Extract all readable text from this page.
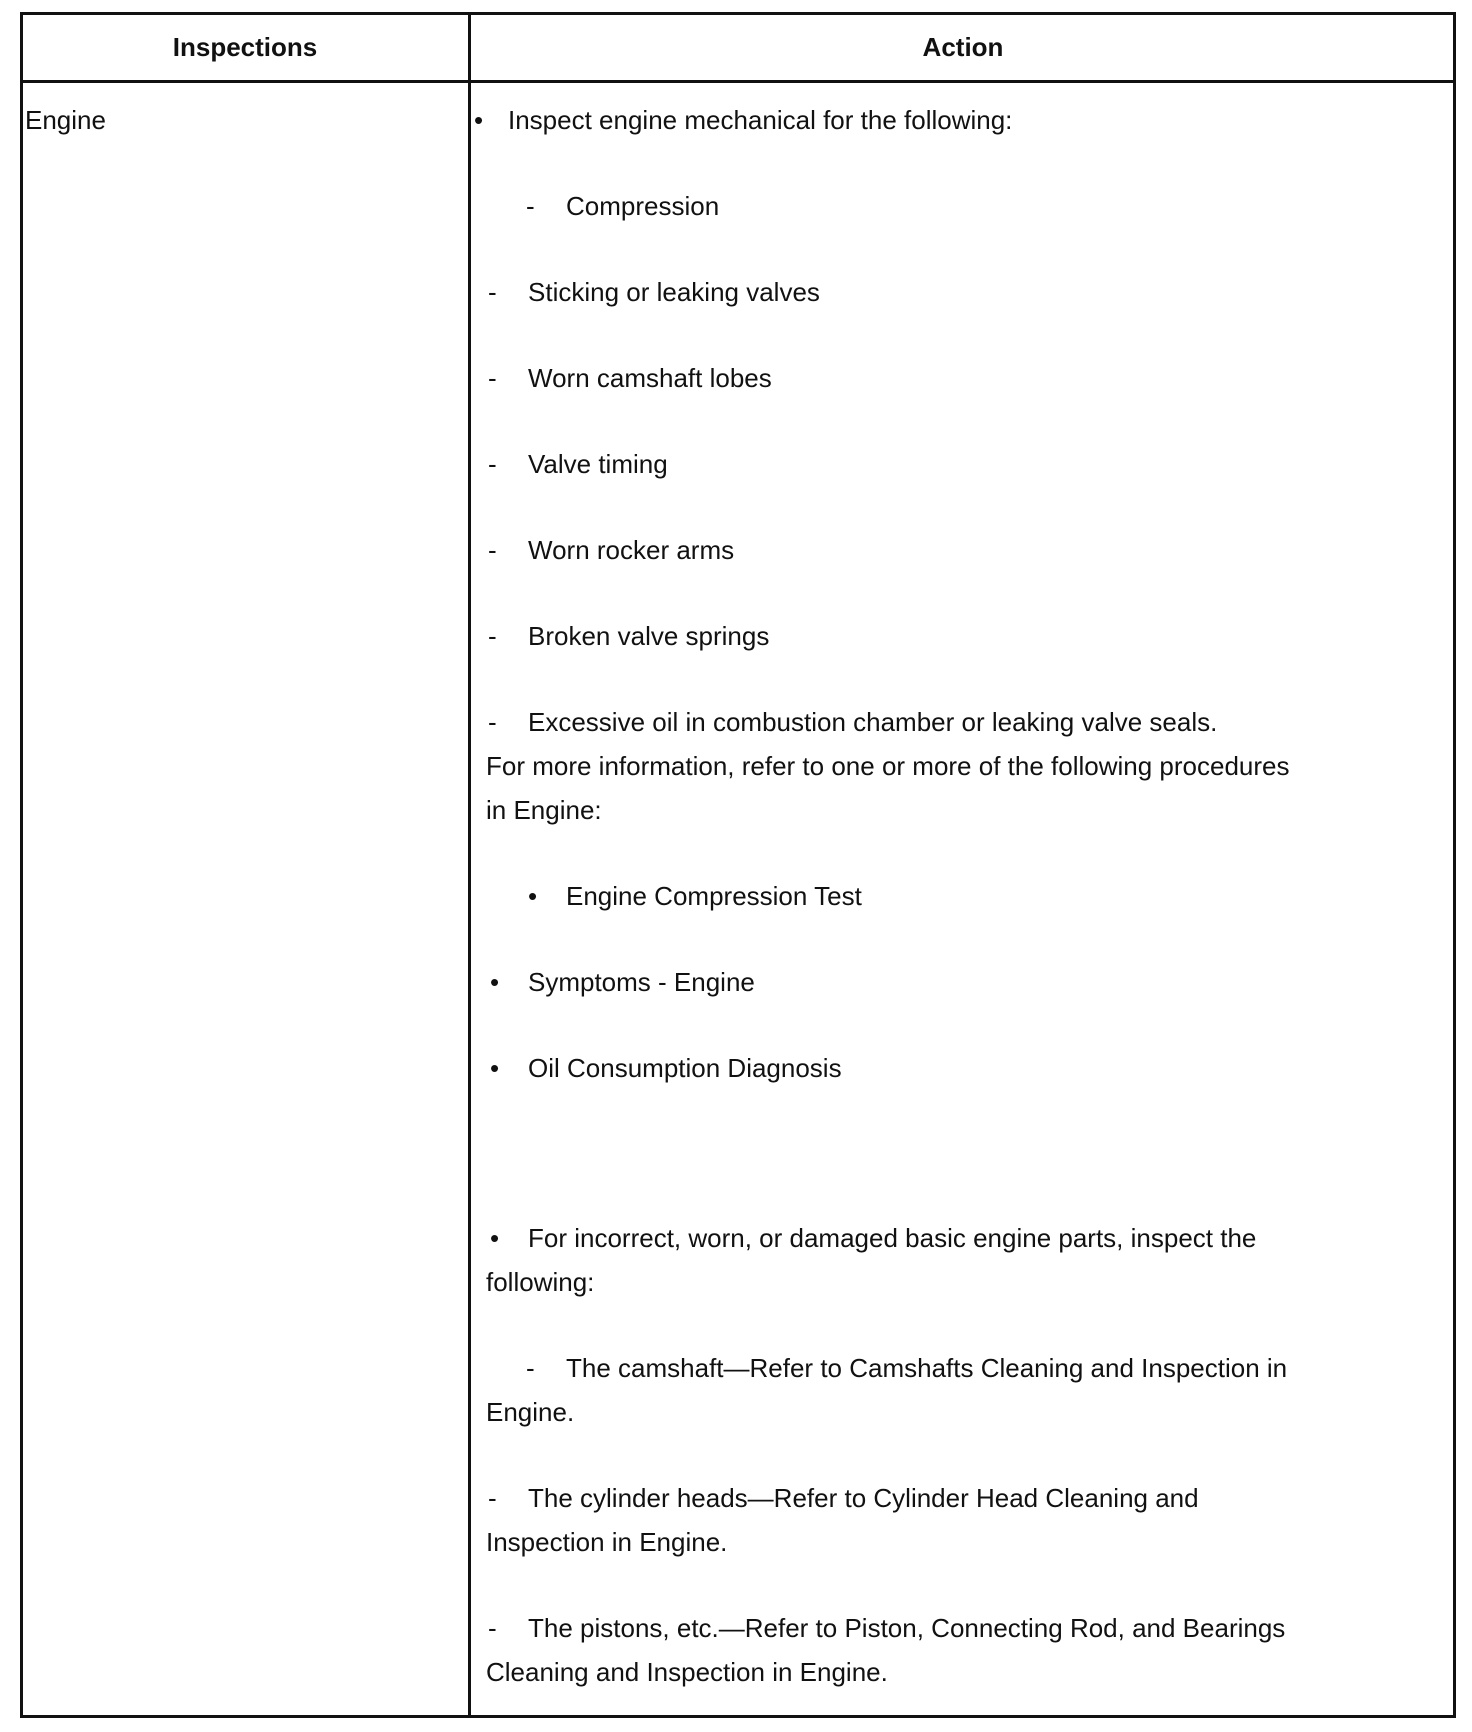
Inspections	Action
Engine	• Inspect engine mechanical for the following:
- Compression
- Sticking or leaking valves
- Worn camshaft lobes
- Valve timing
- Worn rocker arms
- Broken valve springs
- Excessive oil in combustion chamber or leaking valve seals.
For more information, refer to one or more of the following procedures
in Engine:
• Engine Compression Test
• Symptoms - Engine
• Oil Consumption Diagnosis
• For incorrect, worn, or damaged basic engine parts, inspect the
following:
- The camshaft—Refer to Camshafts Cleaning and Inspection in
Engine.
- The cylinder heads—Refer to Cylinder Head Cleaning and
Inspection in Engine.
- The pistons, etc.—Refer to Piston, Connecting Rod, and Bearings
Cleaning and Inspection in Engine.
